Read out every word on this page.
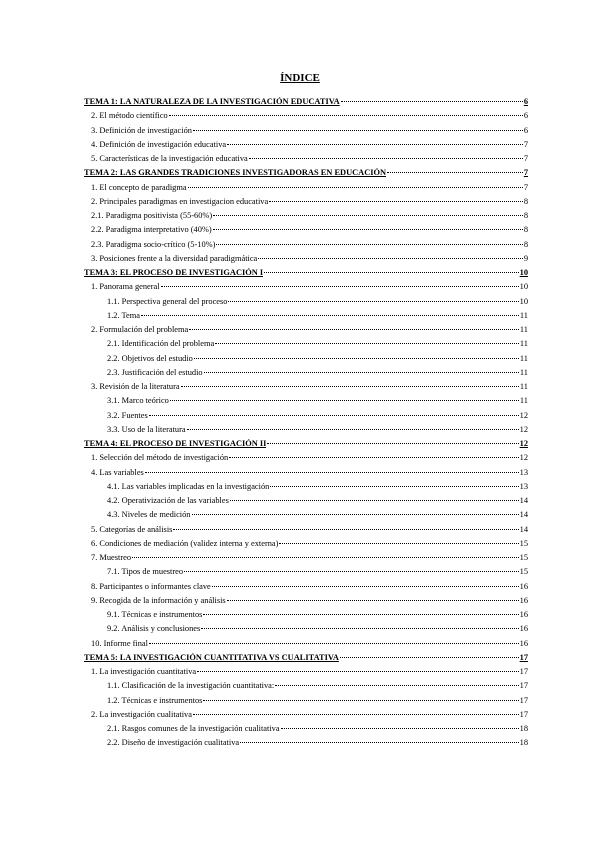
ÍNDICE
TEMA 1: LA NATURALEZA DE LA INVESTIGACIÓN EDUCATIVA	6
2. El método científico	6
3. Definición de investigación	6
4. Definición de investigación educativa	7
5. Características de la investigación educativa	7
TEMA 2: LAS GRANDES TRADICIONES INVESTIGADORAS EN EDUCACIÓN	7
1. El concepto de paradigma	7
2. Principales paradigmas en investigacion educativa	8
2.1. Paradigma positivista (55-60%)	8
2.2. Paradigma interpretativo (40%)	8
2.3. Paradigma socio-crítico (5-10%)	8
3. Posiciones frente a la diversidad paradigmática	9
TEMA 3: EL PROCESO DE INVESTIGACIÓN I	10
1. Panorama general	10
1.1. Perspectiva general del proceso	10
1.2. Tema	11
2. Formulación del problema	11
2.1. Identificación del problema	11
2.2. Objetivos del estudio	11
2.3. Justificación del estudio	11
3. Revisión de la literatura	11
3.1. Marco teórico	11
3.2. Fuentes	12
3.3. Uso de la literatura	12
TEMA 4: EL PROCESO DE INVESTIGACIÓN II	12
1. Selección del método de investigación	12
4. Las variables	13
4.1. Las variables implicadas en la investigación	13
4.2. Operativización de las variables	14
4.3. Niveles de medición	14
5. Categorías de análisis	14
6. Condiciones de mediación (validez interna y externa)	15
7. Muestreo	15
7.1. Tipos de muestreo	15
8. Participantes o informantes clave	16
9. Recogida de la información y análisis	16
9.1. Técnicas e instrumentos	16
9.2. Análisis y conclusiones	16
10. Informe final	16
TEMA 5: LA INVESTIGACIÓN CUANTITATIVA VS CUALITATIVA	17
1. La investigación cuantitativa	17
1.1. Clasificación de la investigación cuantitativa:	17
1.2. Técnicas e instrumentos	17
2. La investigación cualitativa	17
2.1. Rasgos comunes de la investigación cualitativa	18
2.2. Diseño de investigación cualitativa	18
